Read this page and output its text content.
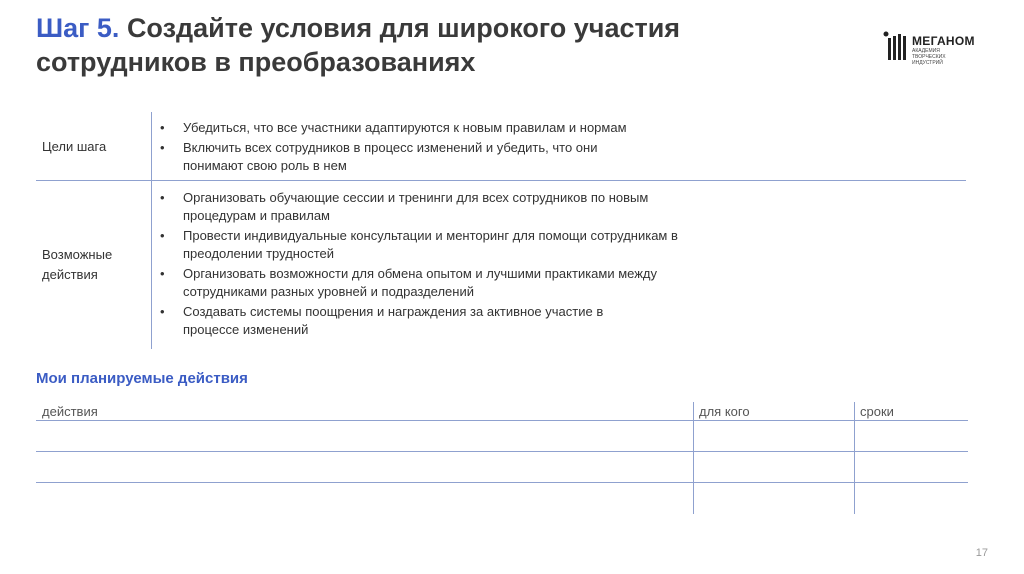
Шаг 5. Создайте условия для широкого участия
сотрудников в преобразованиях
МЕГАНОМ
АКАДЕМИЯ ТВОРЧЕСКИХ ИНДУСТРИЙ
Цели шага
• Убедиться, что все участники адаптируются к новым правилам и нормам
• Включить всех сотрудников в процесс изменений и убедить, что они понимают свою роль в нем
Возможные действия
• Организовать обучающие сессии и тренинги для всех сотрудников по новым процедурам и правилам
• Провести индивидуальные консультации и менторинг для помощи сотрудникам в преодолении трудностей
• Организовать возможности для обмена опытом и лучшими практиками между сотрудниками разных уровней и подразделений
• Создавать системы поощрения и награждения за активное участие в процессе изменений
Мои планируемые действия
действия	для кого	сроки
17
